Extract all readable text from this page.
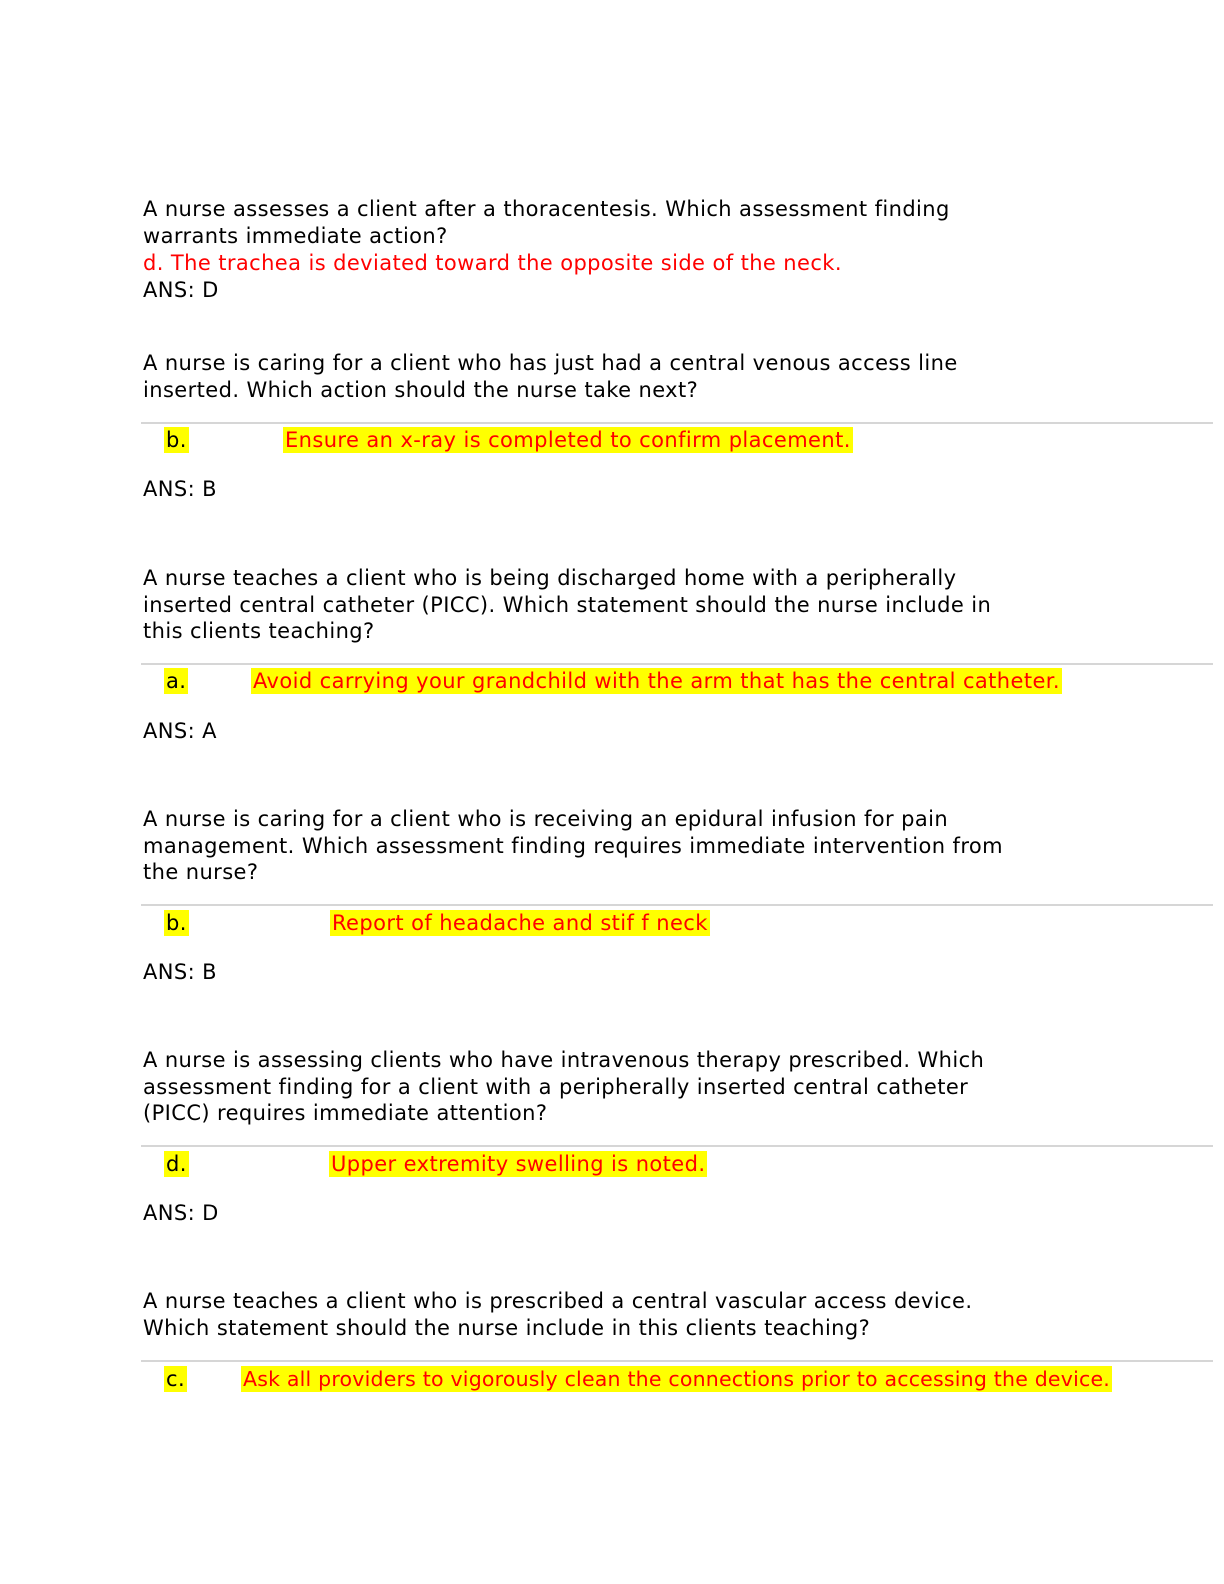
A nurse assesses a client after a thoracentesis. Which assessment finding
warrants immediate action?
d. The trachea is deviated toward the opposite side of the neck.
ANS: D
A nurse is caring for a client who has just had a central venous access line
inserted. Which action should the nurse take next?
b.	Ensure an x-ray is completed to confirm placement.
ANS: B
A nurse teaches a client who is being discharged home with a peripherally
inserted central catheter (PICC). Which statement should the nurse include in
this clients teaching?
a.	Avoid carrying your grandchild with the arm that has the central catheter.
ANS: A
A nurse is caring for a client who is receiving an epidural infusion for pain
management. Which assessment finding requires immediate intervention from
the nurse?
b.	Report of headache and stif f neck
ANS: B
A nurse is assessing clients who have intravenous therapy prescribed. Which
assessment finding for a client with a peripherally inserted central catheter
(PICC) requires immediate attention?
d.	Upper extremity swelling is noted.
ANS: D
A nurse teaches a client who is prescribed a central vascular access device.
Which statement should the nurse include in this clients teaching?
c.	Ask all providers to vigorously clean the connections prior to accessing the device.
